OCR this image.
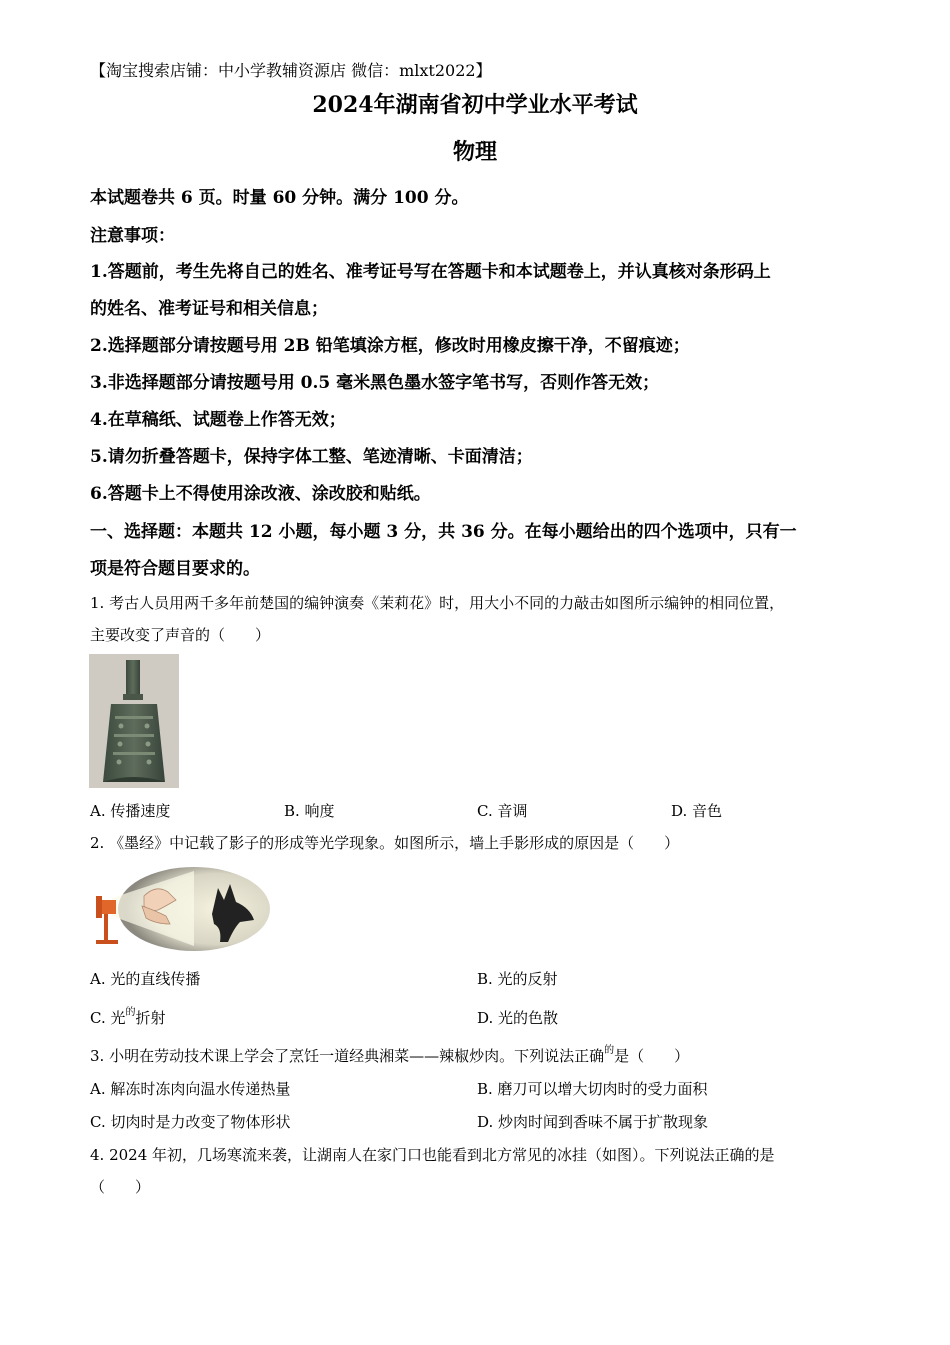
【淘宝搜索店铺：中小学教辅资源店 微信：mlxt2022】
2024年湖南省初中学业水平考试
物理
本试题卷共 6 页。时量 60 分钟。满分 100 分。
注意事项：
1.答题前，考生先将自己的姓名、准考证号写在答题卡和本试题卷上，并认真核对条形码上
的姓名、准考证号和相关信息；
2.选择题部分请按题号用 2B 铅笔填涂方框，修改时用橡皮擦干净，不留痕迹；
3.非选择题部分请按题号用 0.5 毫米黑色墨水签字笔书写，否则作答无效；
4.在草稿纸、试题卷上作答无效；
5.请勿折叠答题卡，保持字体工整、笔迹清晰、卡面清洁；
6.答题卡上不得使用涂改液、涂改胶和贴纸。
一、选择题：本题共 12 小题，每小题 3 分，共 36 分。在每小题给出的四个选项中，只有一
项是符合题目要求的。
1. 考古人员用两千多年前楚国的编钟演奏《茉莉花》时，用大小不同的力敲击如图所示编钟的相同位置，
主要改变了声音的（　　）
A. 传播速度	B. 响度	C. 音调	D. 音色
2. 《墨经》中记载了影子的形成等光学现象。如图所示，墙上手影形成的原因是（　　）
A. 光的直线传播	B. 光的反射
C. 光$^的$折射	D. 光的色散
3. 小明在劳动技术课上学会了烹饪一道经典湘菜——辣椒炒肉。下列说法正确$^的$是（　　）
A. 解冻时冻肉向温水传递热量	B. 磨刀可以增大切肉时的受力面积
C. 切肉时是力改变了物体形状	D. 炒肉时闻到香味不属于扩散现象
4. 2024 年初，几场寒流来袭，让湖南人在家门口也能看到北方常见的冰挂（如图）。下列说法正确的是
（　　）
